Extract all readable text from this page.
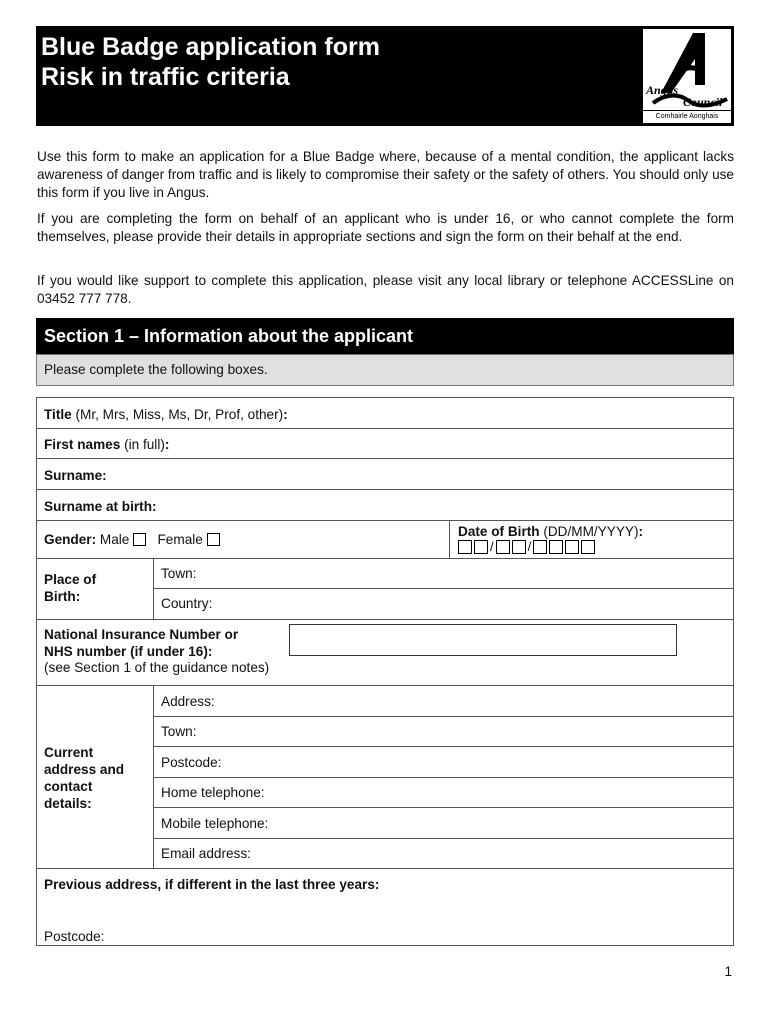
Blue Badge application form
Risk in traffic criteria	Angus
Council
Comhairle Aonghais

Use this form to make an application for a Blue Badge where, because of a mental condition, the applicant lacks awareness of danger from traffic and is likely to compromise their safety or the safety of others. You should only use this form if you live in Angus.

If you are completing the form on behalf of an applicant who is under 16, or who cannot complete the form themselves, please provide their details in appropriate sections and sign the form on their behalf at the end.

If you would like support to complete this application, please visit any local library or telephone ACCESSLine on 03452 777 778.

Section 1 – Information about the applicant
Please complete the following boxes.
Title (Mr, Mrs, Miss, Ms, Dr, Prof, other):
First names (in full):
Surname:
Surname at birth:
Gender: Male    Female
Date of Birth (DD/MM/YYYY):
/	/
Place of
Birth:
Town:
Country:
National Insurance Number or
NHS number (if under 16):
(see Section 1 of the guidance notes)
Current
address and
contact
details:
Address:
Town:
Postcode:
Home telephone:
Mobile telephone:
Email address:
Previous address, if different in the last three years:
Postcode:
1
